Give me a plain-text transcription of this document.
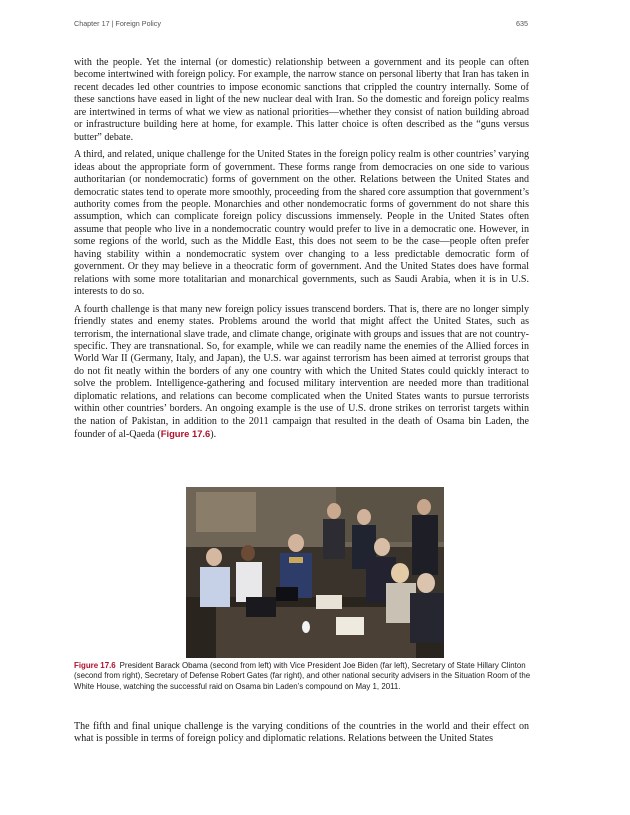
Chapter 17 | Foreign Policy	635

with the people. Yet the internal (or domestic) relationship between a government and its people can often become intertwined with foreign policy. For example, the narrow stance on personal liberty that Iran has taken in recent decades led other countries to impose economic sanctions that crippled the country internally. Some of these sanctions have eased in light of the new nuclear deal with Iran. So the domestic and foreign policy realms are intertwined in terms of what we view as national priorities—whether they consist of nation building abroad or infrastructure building here at home, for example. This latter choice is often described as the “guns versus butter” debate.

A third, and related, unique challenge for the United States in the foreign policy realm is other countries’ varying ideas about the appropriate form of government. These forms range from democracies on one side to various authoritarian (or nondemocratic) forms of government on the other. Relations between the United States and democratic states tend to operate more smoothly, proceeding from the shared core assumption that government’s authority comes from the people. Monarchies and other nondemocratic forms of government do not share this assumption, which can complicate foreign policy discussions immensely. People in the United States often assume that people who live in a nondemocratic country would prefer to live in a democratic one. However, in some regions of the world, such as the Middle East, this does not seem to be the case—people often prefer having stability within a nondemocratic system over changing to a less predictable democratic form of government. Or they may believe in a theocratic form of government. And the United States does have formal relations with some more totalitarian and monarchical governments, such as Saudi Arabia, when it is in U.S. interests to do so.

A fourth challenge is that many new foreign policy issues transcend borders. That is, there are no longer simply friendly states and enemy states. Problems around the world that might affect the United States, such as terrorism, the international slave trade, and climate change, originate with groups and issues that are not country-specific. They are transnational. So, for example, while we can readily name the enemies of the Allied forces in World War II (Germany, Italy, and Japan), the U.S. war against terrorism has been aimed at terrorist groups that do not fit neatly within the borders of any one country with which the United States could quickly interact to solve the problem. Intelligence-gathering and focused military intervention are needed more than traditional diplomatic relations, and relations can become complicated when the United States wants to pursue terrorists within other countries’ borders. An ongoing example is the use of U.S. drone strikes on terrorist targets within the nation of Pakistan, in addition to the 2011 campaign that resulted in the death of Osama bin Laden, the founder of al-Qaeda (Figure 17.6).

Figure 17.6 President Barack Obama (second from left) with Vice President Joe Biden (far left), Secretary of State Hillary Clinton (second from right), Secretary of Defense Robert Gates (far right), and other national security advisers in the Situation Room of the White House, watching the successful raid on Osama bin Laden’s compound on May 1, 2011.

The fifth and final unique challenge is the varying conditions of the countries in the world and their effect on what is possible in terms of foreign policy and diplomatic relations. Relations between the United States
